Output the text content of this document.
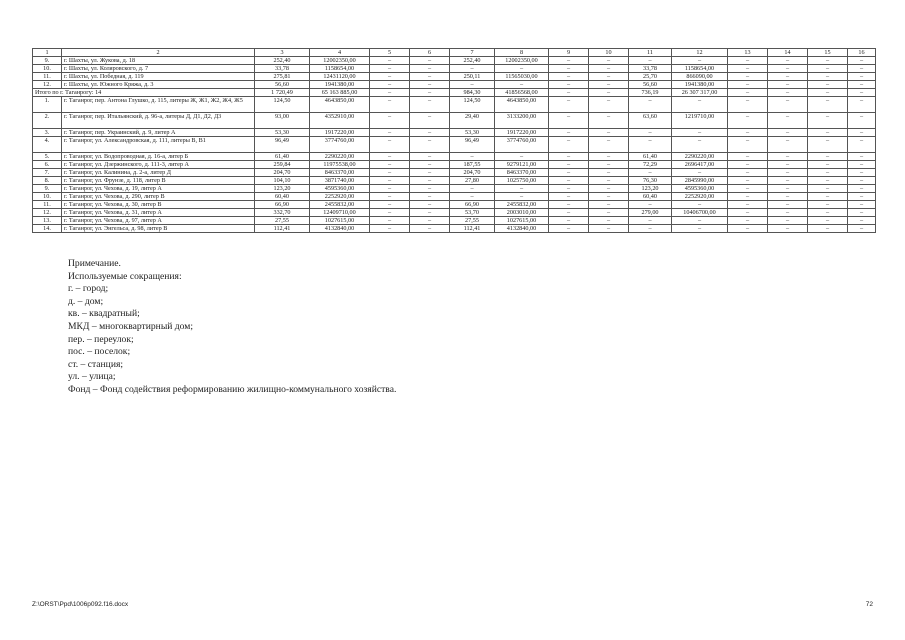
1	2	3	4	5	6	7	8	9	10	11	12	13	14	15	16
9.	г. Шахты, ул. Жукова, д. 18	252,40	12002350,00	–	–	252,40	12002350,00	–	–	–	–	–	–	–	–
10.	г. Шахты, ул. Коляровского, д. 7	33,78	1158654,00	–	–	–	–	–	–	33,78	1158654,00	–	–	–	–
11.	г. Шахты, ул. Победная, д. 119	275,81	12431120,00	–	–	250,11	11565030,00	–	–	25,70	866090,00	–	–	–	–
12.	г. Шахты, ул. Южного Кряжа, д. 3	56,60	1941380,00	–	–	–	–	–	–	56,60	1941380,00	–	–	–	–
Итого по г. Таганрогу: 14		1 720,49	65 163 885,00	–	–	984,30	41856568,00	–	–	736,19	26 307 317,00	–	–	–	–
1.	г. Таганрог, пер. Антона Глушко, д. 115, литеры Ж, Ж1, Ж2, Ж4, Ж5	124,50	4643850,00	–	–	124,50	4643850,00	–	–	–	–	–	–	–	–
2.	г. Таганрог, пер. Итальянский, д. 96-а, литеры Д, Д1, Д2, Д3	93,00	4352910,00	–	–	29,40	3133200,00	–	–	63,60	1219710,00	–	–	–	–
3.	г. Таганрог, пер. Украинский, д. 9, литер А	53,30	1917220,00	–	–	53,30	1917220,00	–	–	–	–	–	–	–	–
4.	г. Таганрог, ул. Александровская, д. 111, литеры В, В1	96,49	3774760,00	–	–	96,49	3774760,00	–	–	–	–	–	–	–	–
5.	г. Таганрог, ул. Водопроводная, д. 16-а, литер Б	61,40	2290220,00	–	–	–	–	–	–	61,40	2290220,00	–	–	–	–
6.	г. Таганрог, ул. Дзержинского, д. 111-3, литер А	259,84	11975538,00	–	–	187,55	9279121,00	–	–	72,29	2696417,00	–	–	–	–
7.	г. Таганрог, ул. Калинина, д. 2-а, литер Д	204,70	8463370,00	–	–	204,70	8463370,00	–	–	–	–	–	–	–	–
8.	г. Таганрог, ул. Фрунзе, д. 118, литер В	104,10	3871740,00	–	–	27,80	1025750,00	–	–	76,30	2845990,00	–	–	–	–
9.	г. Таганрог, ул. Чехова, д. 19, литер А	123,20	4595360,00	–	–	–	–	–	–	123,20	4595360,00	–	–	–	–
10.	г. Таганрог, ул. Чехова, д. 290, литер В	60,40	2252920,00	–	–	–	–	–	–	60,40	2252920,00	–	–	–	–
11.	г. Таганрог, ул. Чехова, д. 30, литер В	66,90	2455832,00	–	–	66,90	2455832,00	–	–	–	–	–	–	–	–
12.	г. Таганрог, ул. Чехова, д. 31, литер А	332,70	12409710,00	–	–	53,70	2003010,00	–	–	279,00	10406700,00	–	–	–	–
13.	г. Таганрог, ул. Чехова, д. 97, литер А	27,55	1027615,00	–	–	27,55	1027615,00	–	–	–	–	–	–	–	–
14.	г. Таганрог, ул. Энгельса, д. 98, литер В	112,41	4132840,00	–	–	112,41	4132840,00	–	–	–	–	–	–	–	–
Примечание.
Используемые сокращения:
г. – город;
д. – дом;
кв. – квадратный;
МКД – многоквартирный дом;
пер. – переулок;
пос. – поселок;
ст. – станция;
ул. – улица;
Фонд – Фонд содействия реформированию жилищно-коммунального хозяйства.
Z:\ORST\Ppd\1006p092.f16.docx	72
